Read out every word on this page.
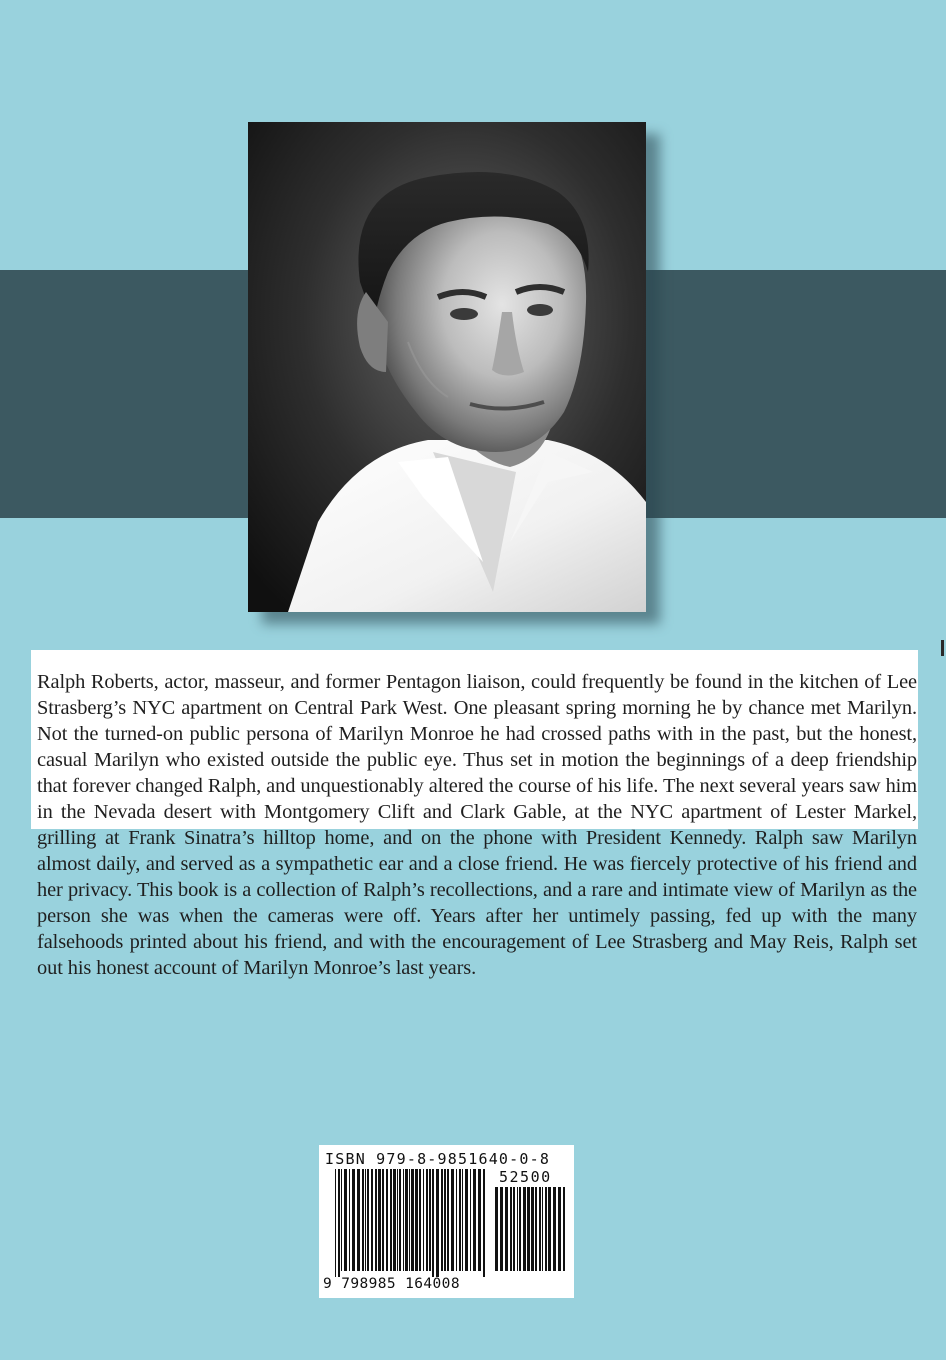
Ralph Roberts, actor, masseur, and former Pentagon liaison, could frequently be found in the kitchen of Lee Strasberg’s NYC apartment on Central Park West. One pleasant spring morning he by chance met Marilyn. Not the turned-on public persona of Marilyn Monroe he had crossed paths with in the past, but the honest, casual Marilyn who existed outside the public eye. Thus set in motion the beginnings of a deep friendship that forever changed Ralph, and unquestionably altered the course of his life. The next several years saw him in the Nevada desert with Montgomery Clift and Clark Gable, at the NYC apartment of Lester Markel, grilling at Frank Sinatra’s hilltop home, and on the phone with President Kennedy. Ralph saw Marilyn almost daily, and served as a sympathetic ear and a close friend. He was fiercely protective of his friend and her privacy. This book is a collection of Ralph’s recollections, and a rare and intimate view of Marilyn as the person she was when the cameras were off. Years after her untimely passing, fed up with the many falsehoods printed about his friend, and with the encouragement of Lee Strasberg and May Reis, Ralph set out his honest account of Marilyn Monroe’s last years.

ISBN 979-8-9851640-0-8
52500
9 798985 164008
